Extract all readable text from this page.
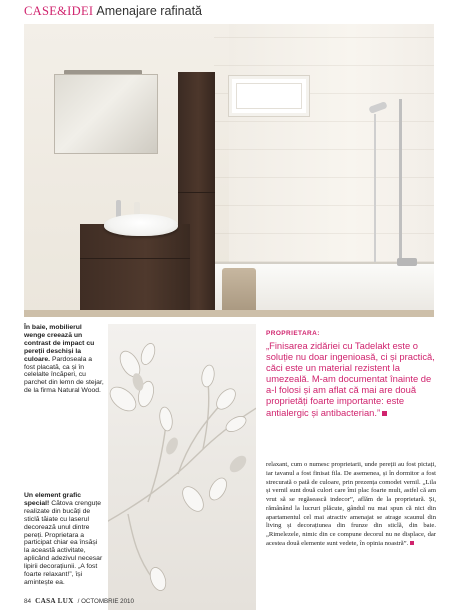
CASE&IDEI Amenajare rafinată
În baie, mobilierul wenge creează un contrast de impact cu pereții deschiși la culoare. Pardoseala a fost placată, ca și în celelalte încăperi, cu parchet din lemn de stejar, de la firma Natural Wood.
Un element grafic special! Cătova crenguțe realizate din bucăți de sticlă tăiate cu laserul decorează unul dintre pereți. Proprietara a participat chiar ea însăși la această activitate, aplicând adezivul necesar lipirii decorațiunii. „A fost foarte relaxant!”, își amintește ea.
PROPRIETARA:
„Finisarea zidăriei cu Tadelakt este o soluție nu doar ingenioasă, ci și practică, căci este un material rezistent la umezeală. M-am documentat înainte de a-l folosi și am aflat că mai are două proprietăți foarte importante: este antialergic și antibacterian.”
relaxant, cum o numesc proprietarii, unde pereții au fost pictați, iar tavanul a fost finisat fila. De asemenea, și în dormitor a fost strecurată o pată de culoare, prin prezența comodei vernil. „Lila și vernil sunt două culori care îmi plac foarte mult, astfel că am vrut să se regăsească indecor”, aflăm de la proprietară. Și, rămânând la lucruri plăcute, gândul nu mai spun că nici din apartamentul cel mai atractiv amenajat se atrage scaunul din living și decorațiunea din frunze din sticlă, din baie. „Rimelezele, nimic din ce compune decorul nu ne displace, dar acestea două elemente sunt vedete, în opinia noastră”.
84 CASA LUX / OCTOMBRIE 2010
